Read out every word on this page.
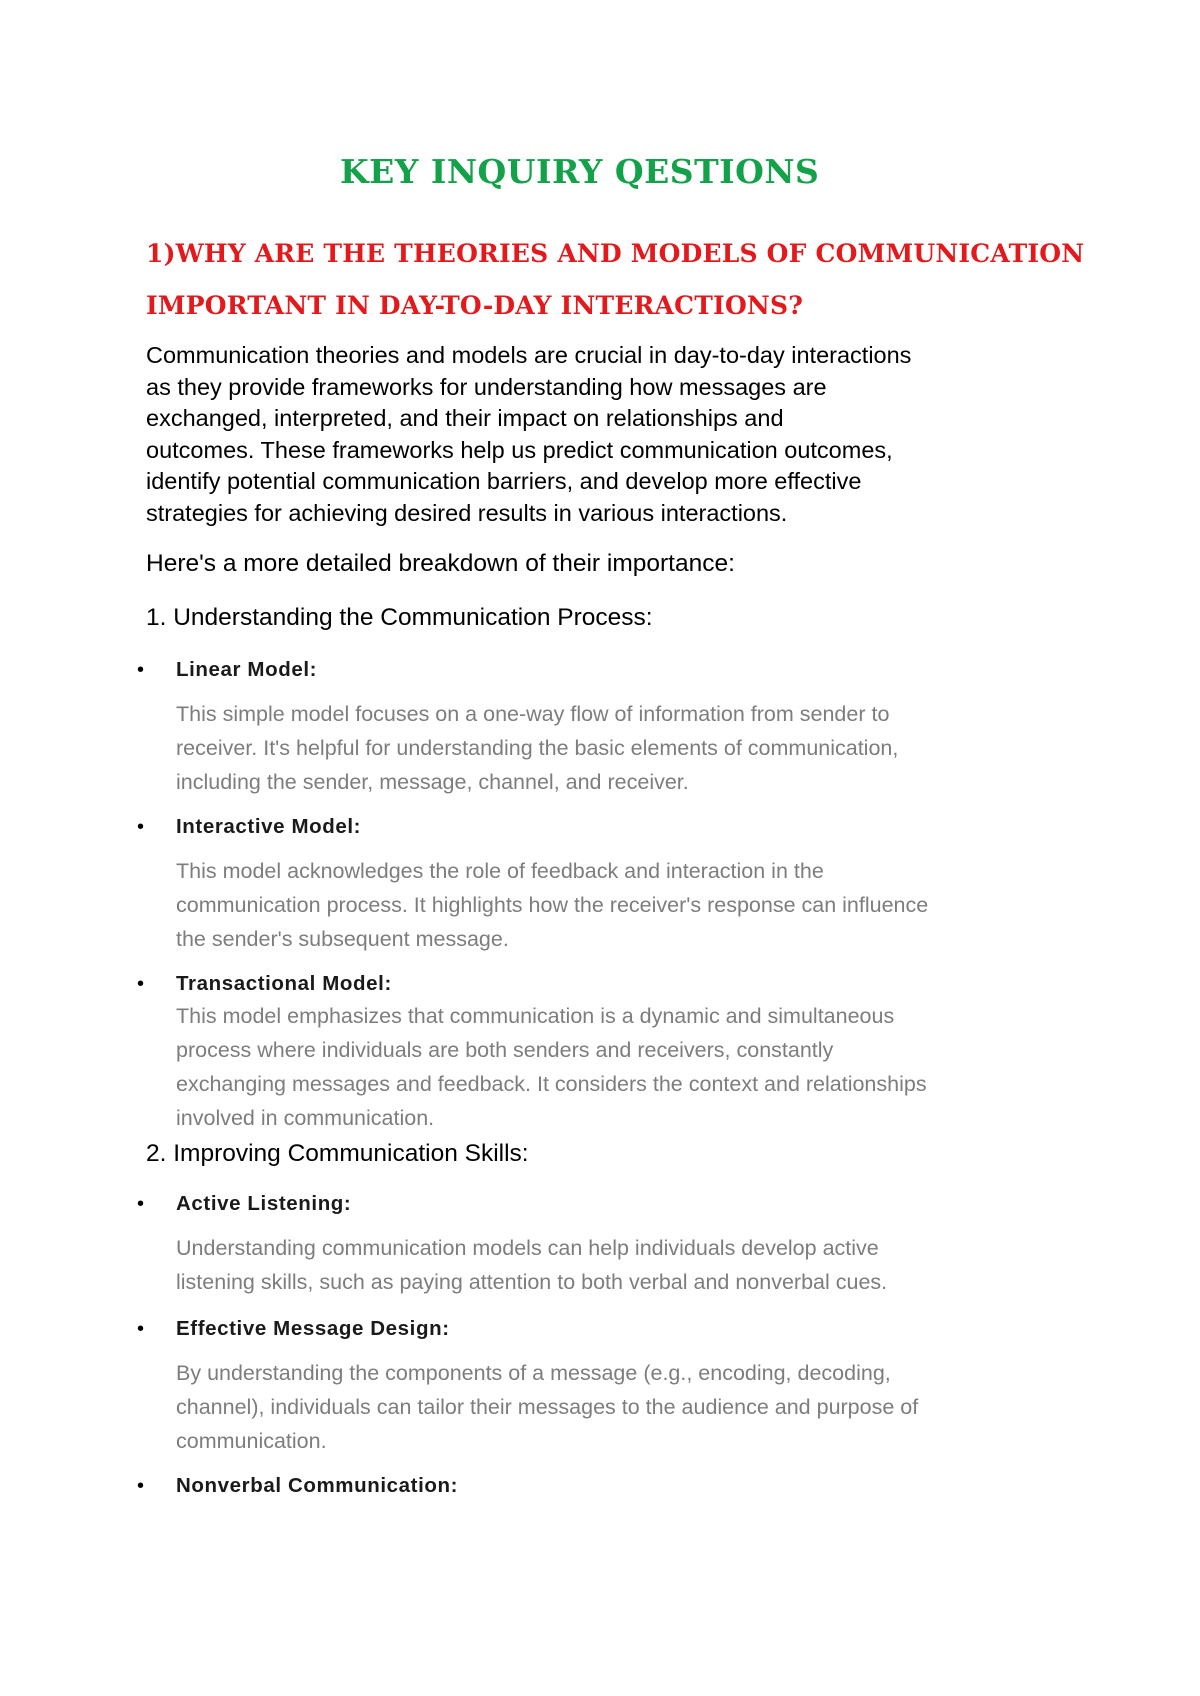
KEY INQUIRY QESTIONS
1)WHY ARE THE THEORIES AND MODELS OF COMMUNICATION
IMPORTANT IN DAY-TO-DAY INTERACTIONS?
Communication theories and models are crucial in day-to-day interactions
as they provide frameworks for understanding how messages are
exchanged, interpreted, and their impact on relationships and
outcomes. These frameworks help us predict communication outcomes,
identify potential communication barriers, and develop more effective
strategies for achieving desired results in various interactions.
Here's a more detailed breakdown of their importance:
1. Understanding the Communication Process:
•	Linear Model:
This simple model focuses on a one-way flow of information from sender to
receiver. It's helpful for understanding the basic elements of communication,
including the sender, message, channel, and receiver.
•	Interactive Model:
This model acknowledges the role of feedback and interaction in the
communication process. It highlights how the receiver's response can influence
the sender's subsequent message.
•	Transactional Model:
This model emphasizes that communication is a dynamic and simultaneous
process where individuals are both senders and receivers, constantly
exchanging messages and feedback. It considers the context and relationships
involved in communication.
2. Improving Communication Skills:
•	Active Listening:
Understanding communication models can help individuals develop active
listening skills, such as paying attention to both verbal and nonverbal cues.
•	Effective Message Design:
By understanding the components of a message (e.g., encoding, decoding,
channel), individuals can tailor their messages to the audience and purpose of
communication.
•	Nonverbal Communication:
